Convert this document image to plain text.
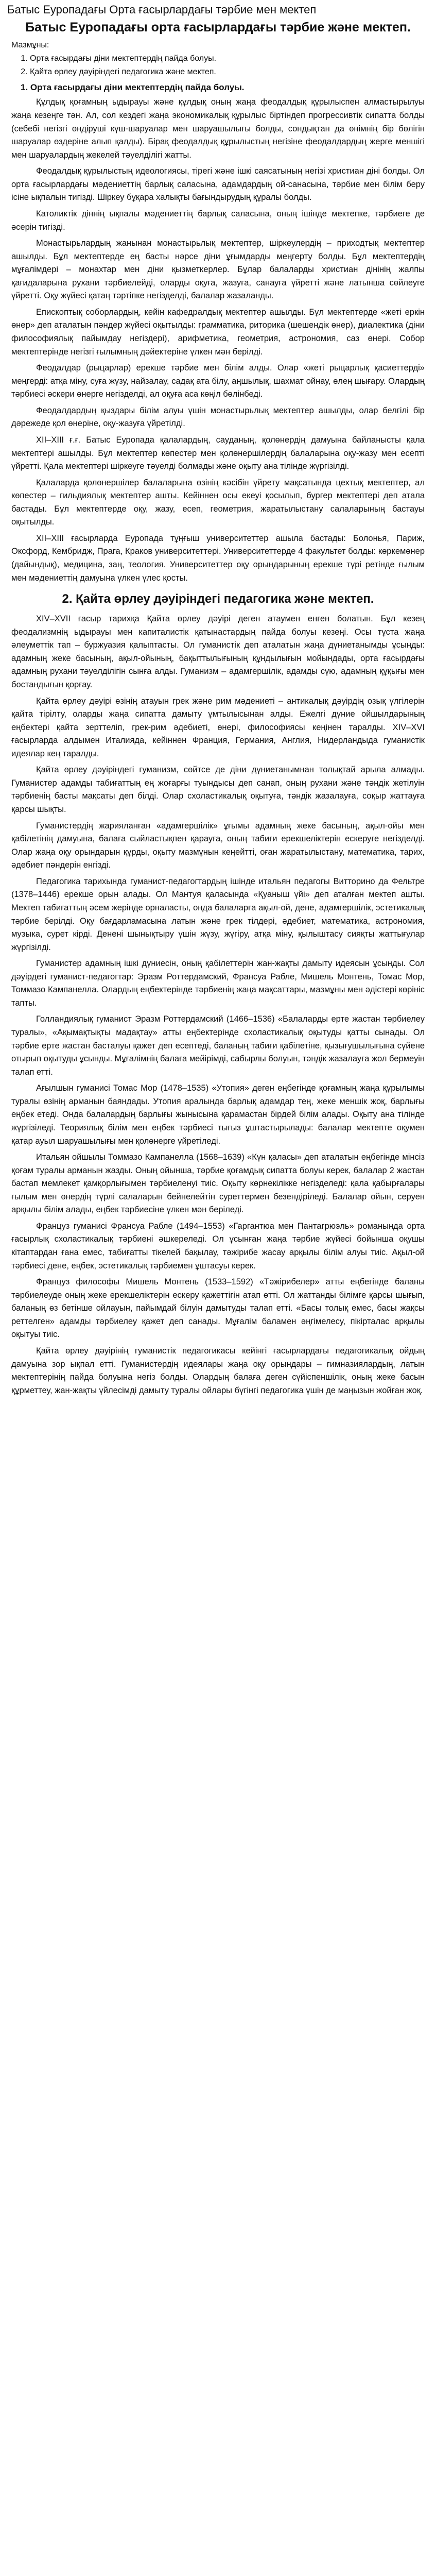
Батыс Еуропадағы Орта ғасырлардағы тәрбие мен мектеп
Батыс Еуропадағы орта ғасырлардағы тәрбие және мектеп.
Мазмұны:
1. Орта ғасырдағы діни мектептердің пайда болуы.
2. Қайта өрлеу дәуіріндегі педагогика және мектеп.
1. Орта ғасырдағы діни мектептердің пайда болуы.

Құлдық қоғамның ыдырауы және құлдық оның жаңа феодалдық құрылыспен алмастырылуы жаңа кезеңге тән. Ал, сол кездегі жаңа экономикалық құрылыс біртіндеп прогрессивтік сипатта болды (себебі негізгі өндіруші күш-шаруалар мен шаруашылығы болды, сондықтан да өнімнің бір бөлігін шаруалар өздеріне алып қалды). Бірақ феодалдық құрылыстың негізіне феодалдардың жерге меншігі мен шаруалардың жекелей тәуелділігі жатты.

Феодалдық құрылыстың идеологиясы, тірегі және ішкі саясатының негізі христиан діні болды. Ол орта ғасырлардағы мәдениеттің барлық саласына, адамдардың ой-санасына, тәрбие мен білім беру ісіне ықпалын тигізді. Шіркеу бұқара халықты бағындырудың құралы болды.

Католиктік діннің ықпалы мәдениеттің барлық саласына, оның ішінде мектепке, тәрбиеге де әсерін тигізді.

Монастырьлардың жанынан монастырьлық мектептер, шіркеулердің – приходтық мектептер ашылды. Бұл мектептерде ең басты нәрсе діни ұғымдарды меңгерту болды. Бұл мектептердің мұғалімдері – монахтар мен діни қызметкерлер. Бұлар балаларды христиан дінінің жалпы қағидаларына рухани тәрбиелейді, оларды оқуға, жазуға, санауға үйретті және латынша сөйлеуге үйретті. Оқу жүйесі қатаң тәртіпке негізделді, балалар жазаланды.

Епископтық соборлардың, кейін кафедралдық мектептер ашылды. Бұл мектептерде «жеті еркін өнер» деп аталатын пәндер жүйесі оқытылды: грамматика, риторика (шешендік өнер), диалектика (діни философиялық пайымдау негіздері), арифметика, геометрия, астрономия, саз өнері. Собор мектептерінде негізгі ғылымның дәйектеріне үлкен мән берілді.

Феодалдар (рыцарлар) ерекше тәрбие мен білім алды. Олар «жеті рыцарлық қасиеттерді» меңгерді: атқа міну, суға жүзу, найзалау, садақ ата білу, аңшылық, шахмат ойнау, өлең шығару. Олардың тәрбиесі әскери өнерге негізделді, ал оқуға аса көңіл бөлінбеді.

Феодалдардың қыздары білім алуы үшін монастырьлық мектептер ашылды, олар белгілі бір дәрежеде қол өнеріне, оқу-жазуға үйретілді.

XII–XIII ғ.ғ. Батыс Еуропада қалалардың, сауданың, қолөнердің дамуына байланысты қала мектептері ашылды. Бұл мектептер көпестер мен қолөнершілердің балаларына оқу-жазу мен есепті үйретті. Қала мектептері шіркеуге тәуелді болмады және оқыту ана тілінде жүргізілді.

Қалаларда қолөнершілер балаларына өзінің кәсібін үйрету мақсатында цехтық мектептер, ал көпестер – гильдиялық мектептер ашты. Кейіннен осы екеуі қосылып, бургер мектептері деп атала бастады. Бұл мектептерде оқу, жазу, есеп, геометрия, жаратылыстану салаларының бастауы оқытылды.

XII–XIII ғасырларда Еуропада тұңғыш университеттер ашыла бастады: Болонья, Париж, Оксфорд, Кембридж, Прага, Краков университеттері. Университеттерде 4 факультет болды: көркемөнер (дайындық), медицина, заң, теология. Университеттер оқу орындарының ерекше түрі ретінде ғылым мен мәдениеттің дамуына үлкен үлес қосты.

2. Қайта өрлеу дәуіріндегі педагогика және мектеп.

XIV–XVII ғасыр тарихқа Қайта өрлеу дәуірі деген атаумен енген болатын. Бұл кезең феодализмнің ыдырауы мен капиталистік қатынастардың пайда болуы кезеңі. Осы тұста жаңа әлеуметтік тап – буржуазия қалыптасты. Ол гуманистік деп аталатын жаңа дүниетанымды ұсынды: адамның жеке басының, ақыл-ойының, бақыттылығының құндылығын мойындады, орта ғасырдағы адамның рухани тәуелділігін сынға алды. Гуманизм – адамгершілік, адамды сүю, адамның құқығы мен бостандығын қорғау.

Қайта өрлеу дәуірі өзінің атауын грек және рим мәдениеті – антикалық дәуірдің озық үлгілерін қайта тірілту, оларды жаңа сипатта дамыту ұмтылысынан алды. Ежелгі дүние ойшылдарының еңбектері қайта зерттеліп, грек-рим әдебиеті, өнері, философиясы кеңінен таралды. XIV–XVI ғасырларда алдымен Италияда, кейіннен Франция, Германия, Англия, Нидерландыда гуманистік идеялар кең таралды.

Қайта өрлеу дәуіріндегі гуманизм, сөйтсе де діни дүниетанымнан толықтай арыла алмады. Гуманистер адамды табиғаттың ең жоғарғы туындысы деп санап, оның рухани және тәндік жетілуін тәрбиенің басты мақсаты деп білді. Олар схоластикалық оқытуға, тәндік жазалауға, соқыр жаттауға қарсы шықты.

Гуманистердің жарияланған «адамгершілік» ұғымы адамның жеке басының, ақыл-ойы мен қабілетінің дамуына, балаға сыйластықпен қарауға, оның табиғи ерекшеліктерін ескеруге негізделді. Олар жаңа оқу орындарын құрды, оқыту мазмұнын кеңейтті, оған жаратылыстану, математика, тарих, әдебиет пәндерін енгізді.

Педагогика тарихында гуманист-педагогтардың ішінде итальян педагогы Витторино да Фельтре (1378–1446) ерекше орын алады. Ол Мантуя қаласында «Қуаныш үйі» деп аталған мектеп ашты. Мектеп табиғаттың әсем жерінде орналасты, онда балаларға ақыл-ой, дене, адамгершілік, эстетикалық тәрбие берілді. Оқу бағдарламасына латын және грек тілдері, әдебиет, математика, астрономия, музыка, сурет кірді. Денені шынықтыру үшін жүзу, жүгіру, атқа міну, қылыштасу сияқты жаттығулар жүргізілді.

Гуманистер адамның ішкі дүниесін, оның қабілеттерін жан-жақты дамыту идеясын ұсынды. Сол дәуірдегі гуманист-педагогтар: Эразм Роттердамский, Франсуа Рабле, Мишель Монтень, Томас Мор, Томмазо Кампанелла. Олардың еңбектерінде тәрбиенің жаңа мақсаттары, мазмұны мен әдістері көрініс тапты.

Голландиялық гуманист Эразм Роттердамский (1466–1536) «Балаларды ерте жастан тәрбиелеу туралы», «Ақымақтықты мадақтау» атты еңбектерінде схоластикалық оқытуды қатты сынады. Ол тәрбие ерте жастан басталуы қажет деп есептеді, баланың табиғи қабілетіне, қызығушылығына сүйене отырып оқытуды ұсынды. Мұғалімнің балаға мейірімді, сабырлы болуын, тәндік жазалауға жол бермеуін талап етті.

Ағылшын гуманисі Томас Мор (1478–1535) «Утопия» деген еңбегінде қоғамның жаңа құрылымы туралы өзінің арманын баяндады. Утопия аралында барлық адамдар тең, жеке меншік жоқ, барлығы еңбек етеді. Онда балалардың барлығы жынысына қарамастан бірдей білім алады. Оқыту ана тілінде жүргізіледі. Теориялық білім мен еңбек тәрбиесі тығыз ұштастырылады: балалар мектепте оқумен қатар ауыл шаруашылығы мен қолөнерге үйретіледі.

Итальян ойшылы Томмазо Кампанелла (1568–1639) «Күн қаласы» деп аталатын еңбегінде мінсіз қоғам туралы арманын жазды. Оның ойынша, тәрбие қоғамдық сипатта болуы керек, балалар 2 жастан бастап мемлекет қамқорлығымен тәрбиеленуі тиіс. Оқыту көрнекілікке негізделеді: қала қабырғалары ғылым мен өнердің түрлі салаларын бейнелейтін суреттермен безендіріледі. Балалар ойын, серуен арқылы білім алады, еңбек тәрбиесіне үлкен мән беріледі.

Француз гуманисі Франсуа Рабле (1494–1553) «Гаргантюа мен Пантагрюэль» романында орта ғасырлық схоластикалық тәрбиені әшкереледі. Ол ұсынған жаңа тәрбие жүйесі бойынша оқушы кітаптардан ғана емес, табиғатты тікелей бақылау, тәжірибе жасау арқылы білім алуы тиіс. Ақыл-ой тәрбиесі дене, еңбек, эстетикалық тәрбиемен ұштасуы керек.

Француз философы Мишель Монтень (1533–1592) «Тәжірибелер» атты еңбегінде баланы тәрбиелеуде оның жеке ерекшеліктерін ескеру қажеттігін атап өтті. Ол жаттанды білімге қарсы шығып, баланың өз бетінше ойлауын, пайымдай білуін дамытуды талап етті. «Басы толық емес, басы жақсы реттелген» адамды тәрбиелеу қажет деп санады. Мұғалім баламен әңгімелесу, пікірталас арқылы оқытуы тиіс.

Қайта өрлеу дәуірінің гуманистік педагогикасы кейінгі ғасырлардағы педагогикалық ойдың дамуына зор ықпал етті. Гуманистердің идеялары жаңа оқу орындары – гимназиялардың, латын мектептерінің пайда болуына негіз болды. Олардың балаға деген сүйіспеншілік, оның жеке басын құрметтеу, жан-жақты үйлесімді дамыту туралы ойлары бүгінгі педагогика үшін де маңызын жойған жоқ.
